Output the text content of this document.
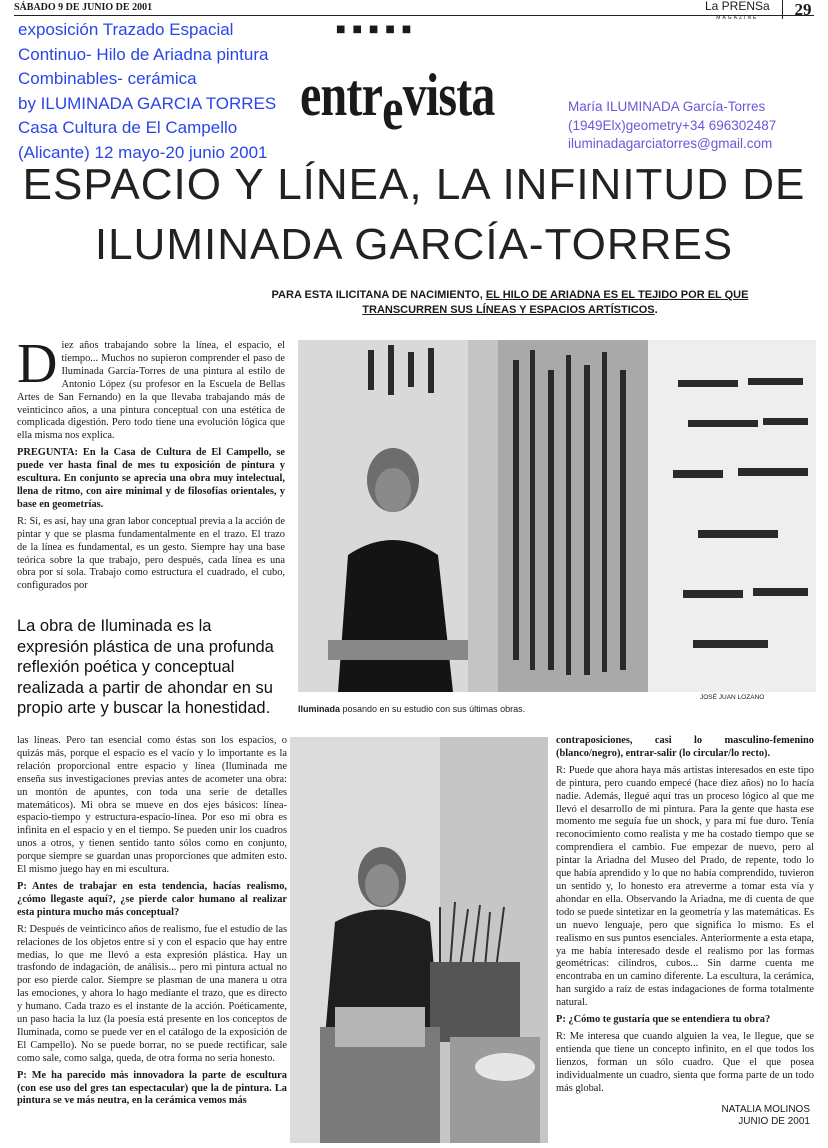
SÁBADO 9 DE JUNIO DE 2001	La PRENSa
MAGAZINE	29
■■■■■
exposición Trazado Espacial
Continuo- Hilo de Ariadna pintura
Combinables- cerámica
by ILUMINADA GARCIA TORRES
Casa Cultura de El Campello
(Alicante) 12 mayo-20 junio 2001
entrevista	María ILUMINADA García-Torres
(1949Elx)geometry+34 696302487
iluminadagarciatorres@gmail.com
ESPACIO Y LÍNEA, LA INFINITUD DE
ILUMINADA GARCÍA-TORRES
PARA ESTA ILICITANA DE NACIMIENTO, EL HILO DE ARIADNA ES EL TEJIDO POR EL QUE TRANSCURREN SUS LÍNEAS Y ESPACIOS ARTÍSTICOS.

Diez años trabajando sobre la línea, el espacio, el tiempo... Muchos no supieron comprender el paso de Iluminada García-Torres de una pintura al estilo de Antonio López (su profesor en la Escuela de Bellas Artes de San Fernando) en la que llevaba trabajando más de veinticinco años, a una pintura conceptual con una estética de complicada digestión. Pero todo tiene una evolución lógica que ella misma nos explica.

PREGUNTA: En la Casa de Cultura de El Campello, se puede ver hasta final de mes tu exposición de pintura y escultura. En conjunto se aprecia una obra muy intelectual, llena de ritmo, con aire minimal y de filosofías orientales, y base en geometrías.

R: Si, es así, hay una gran labor conceptual previa a la acción de pintar y que se plasma fundamentalmente en el trazo. El trazo de la línea es fundamental, es un gesto. Siempre hay una base teórica sobre la que trabajo, pero después, cada línea es una obra por sí sola. Trabajo como estructura el cuadrado, el cubo, configurados por

La obra de Iluminada es la expresión plástica de una profunda reflexión poética y conceptual realizada a partir de ahondar en su propio arte y buscar la honestidad.
JOSÉ JUAN LOZANO
Iluminada posando en su estudio con sus últimas obras.

las líneas. Pero tan esencial como éstas son los espacios, o quizás más, porque el espacio es el vacío y lo importante es la relación proporcional entre espacio y línea (Iluminada me enseña sus investigaciones previas antes de acometer una obra: un montón de apuntes, con toda una serie de detalles matemáticos). Mi obra se mueve en dos ejes básicos: línea-espacio-tiempo y estructura-espacio-línea. Por eso mi obra es infinita en el espacio y en el tiempo. Se pueden unir los cuadros unos a otros, y tienen sentido tanto sólos como en conjunto, porque siempre se guardan unas proporciones que admiten esto. El mismo juego hay en mi escultura.

P: Antes de trabajar en esta tendencia, hacías realismo, ¿cómo llegaste aquí?, ¿se pierde calor humano al realizar esta pintura mucho más conceptual?

R: Después de veinticinco años de realismo, fue el estudio de las relaciones de los objetos entre sí y con el espacio que hay entre medias, lo que me llevó a esta expresión plástica. Hay un trasfondo de indagación, de análisis... pero mi pintura actual no por eso pierde calor. Siempre se plasman de una manera u otra las emociones, y ahora lo hago mediante el trazo, que es directo y humano. Cada trazo es el instante de la acción. Poéticamente, un paso hacia la luz (la poesía está presente en los conceptos de Iluminada, como se puede ver en el catálogo de la exposición de El Campello). No se puede borrar, no se puede rectificar, sale como sale, como salga, queda, de otra forma no sería honesto.

P: Me ha parecido más innovadora la parte de escultura (con ese uso del gres tan espectacular) que la de pintura. La pintura se ve más neutra, en la cerámica vemos más

contraposiciones, casi lo masculino-femenino (blanco/negro), entrar-salir (lo circular/lo recto).

R: Puede que ahora haya más artistas interesados en este tipo de pintura, pero cuando empecé (hace diez años) no lo hacía nadie. Además, llegué aquí tras un proceso lógico al que me llevó el desarrollo de mi pintura. Para la gente que hasta ese momento me seguía fue un shock, y para mí fue duro. Tenía reconocimiento como realista y me ha costado tiempo que se comprendiera el cambio. Fue empezar de nuevo, pero al pintar la Ariadna del Museo del Prado, de repente, todo lo que había aprendido y lo que no había comprendido, tuvieron un sentido y, lo honesto era atreverme a tomar esta vía y ahondar en ella. Observando la Ariadna, me di cuenta de que todo se puede sintetizar en la geometría y las matemáticas. Es un nuevo lenguaje, pero que significa lo mismo. Es el realismo en sus puntos esenciales. Anteriormente a esta etapa, ya me había interesado desde el realismo por las formas geométricas: cilindros, cubos... Sin darme cuenta me encontraba en un camino diferente. La escultura, la cerámica, han surgido a raíz de estas indagaciones de forma totalmente natural.

P: ¿Cómo te gustaría que se entendiera tu obra?

R: Me interesa que cuando alguien la vea, le llegue, que se entienda que tiene un concepto infinito, en el que todos los lienzos, forman un sólo cuadro. Que el que posea individualmente un cuadro, sienta que forma parte de un todo más global.

NATALIA MOLINOS
JUNIO DE 2001
